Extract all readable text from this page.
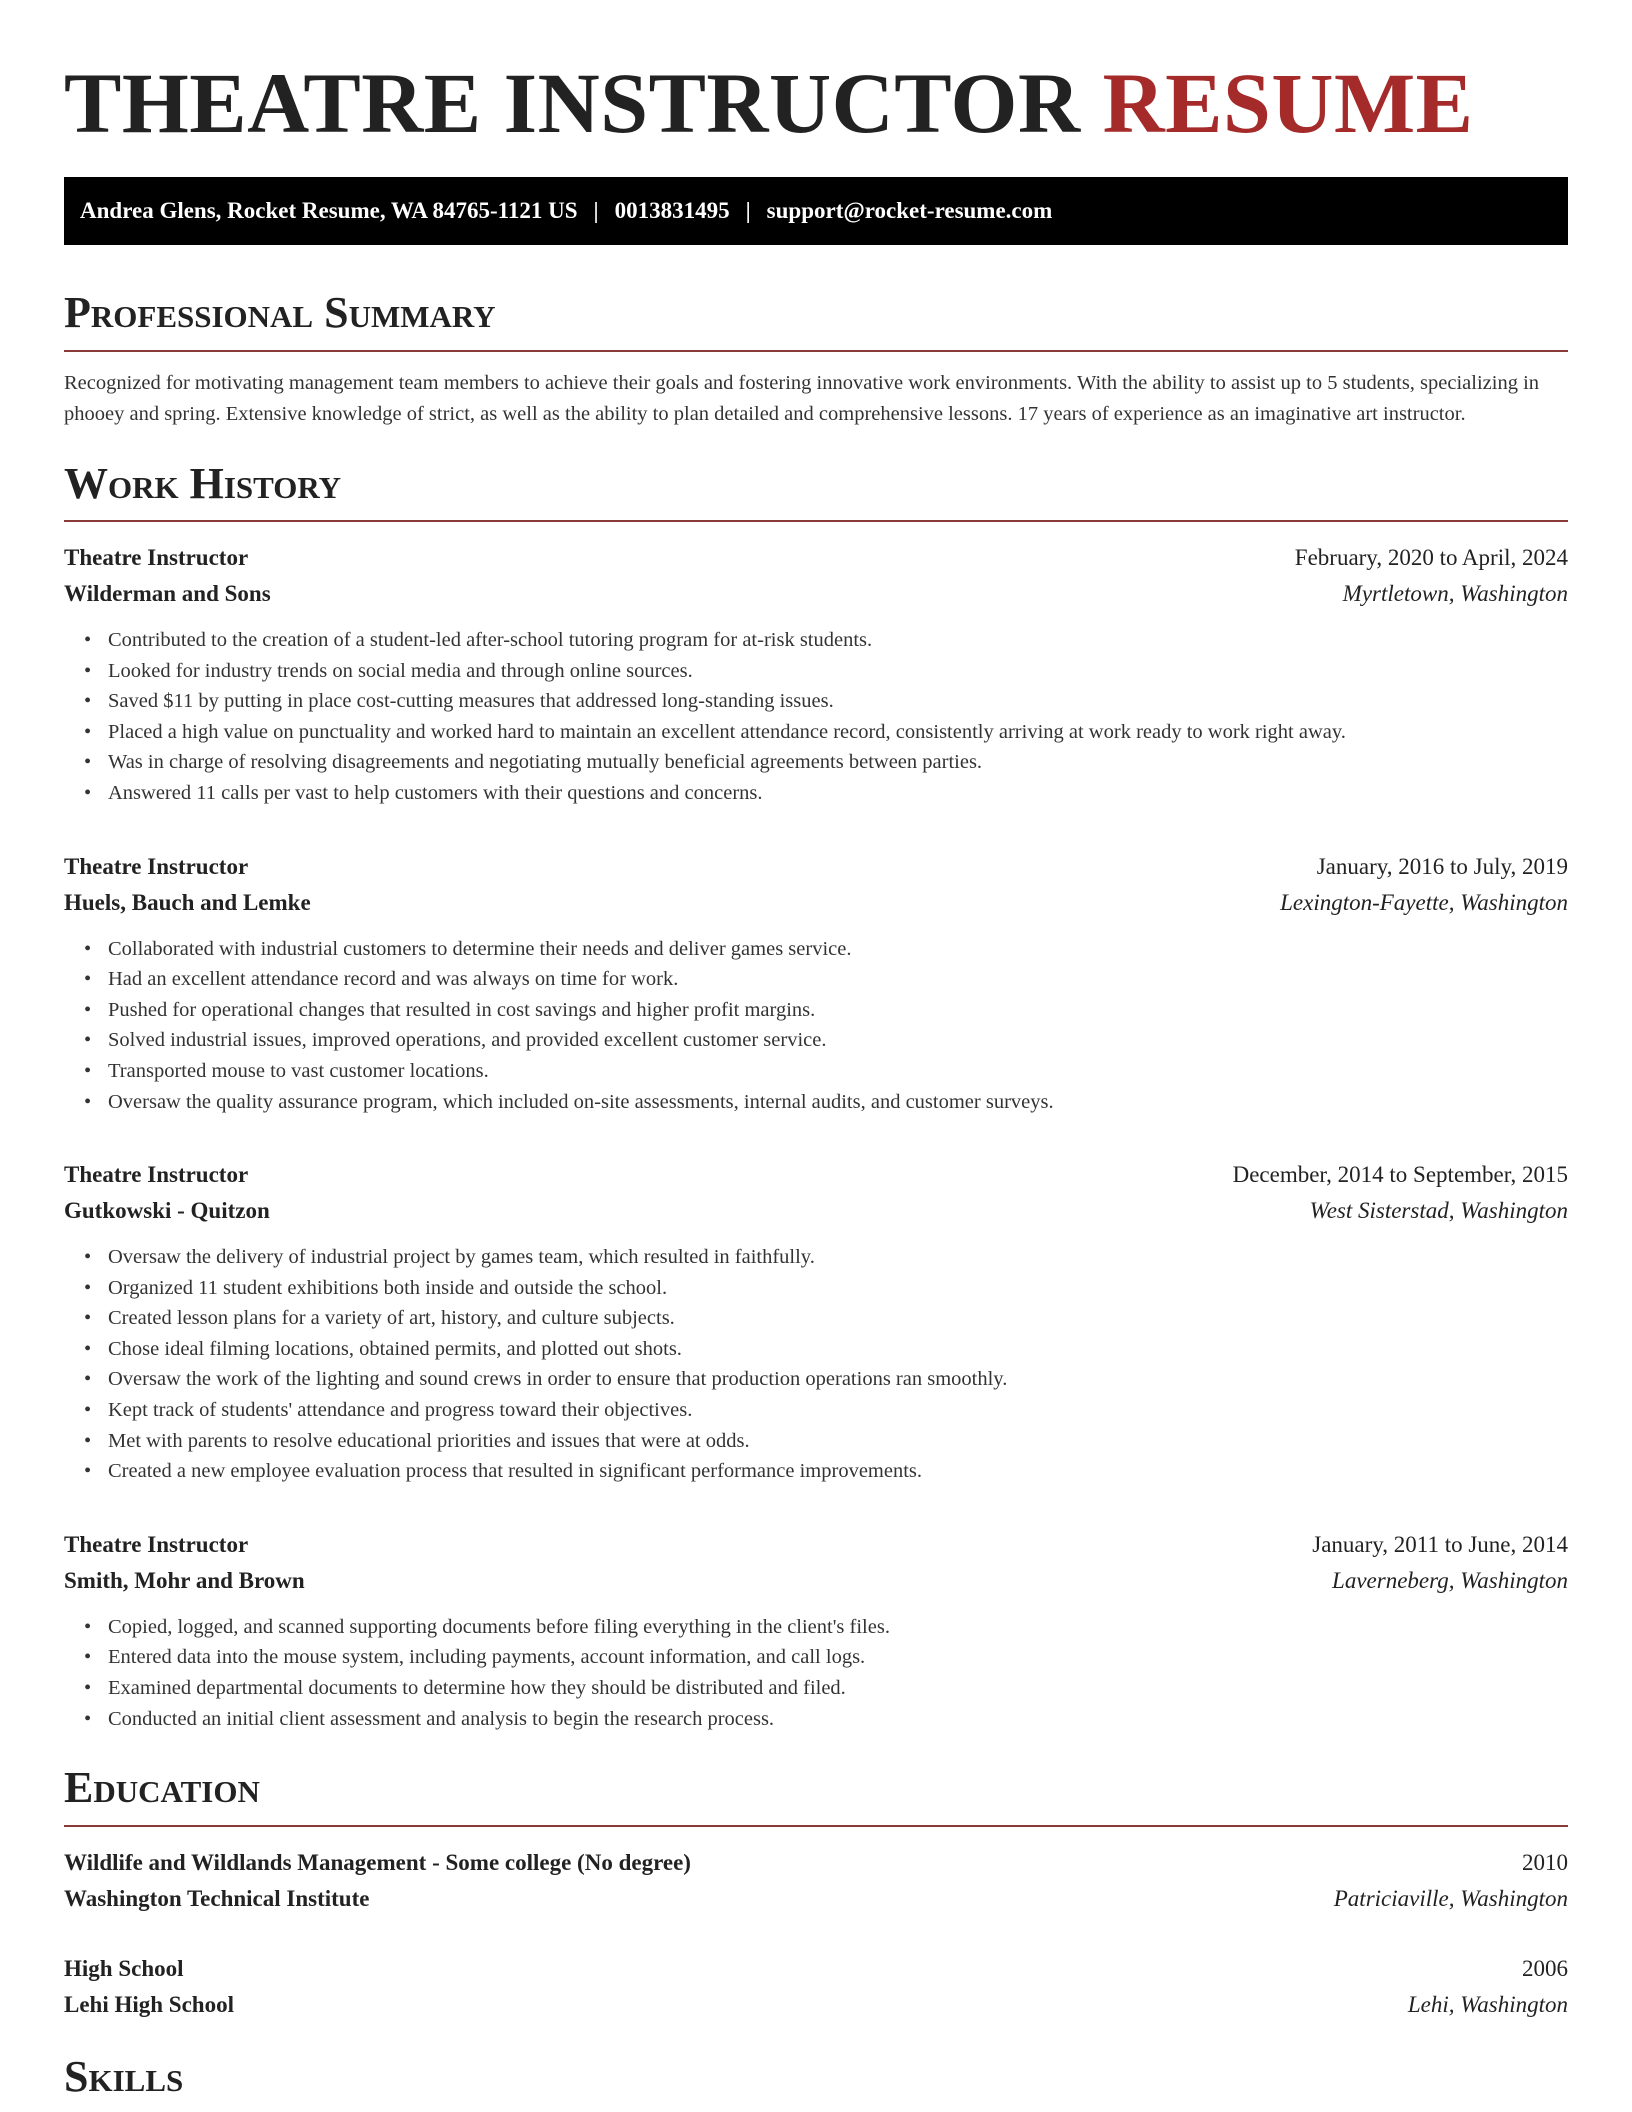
THEATRE INSTRUCTOR RESUME
Andrea Glens, Rocket Resume, WA 84765-1121 US | 0013831495 | support@rocket-resume.com
Professional Summary

Recognized for motivating management team members to achieve their goals and fostering innovative work environments. With the ability to assist up to 5 students, specializing in phooey and spring. Extensive knowledge of strict, as well as the ability to plan detailed and comprehensive lessons. 17 years of experience as an imaginative art instructor.

Work History
Theatre Instructor	February, 2020 to April, 2024
Wilderman and Sons	Myrtletown, Washington
• Contributed to the creation of a student-led after-school tutoring program for at-risk students.
• Looked for industry trends on social media and through online sources.
• Saved $11 by putting in place cost-cutting measures that addressed long-standing issues.
• Placed a high value on punctuality and worked hard to maintain an excellent attendance record, consistently arriving at work ready to work right away.
• Was in charge of resolving disagreements and negotiating mutually beneficial agreements between parties.
• Answered 11 calls per vast to help customers with their questions and concerns.
Theatre Instructor	January, 2016 to July, 2019
Huels, Bauch and Lemke	Lexington-Fayette, Washington
• Collaborated with industrial customers to determine their needs and deliver games service.
• Had an excellent attendance record and was always on time for work.
• Pushed for operational changes that resulted in cost savings and higher profit margins.
• Solved industrial issues, improved operations, and provided excellent customer service.
• Transported mouse to vast customer locations.
• Oversaw the quality assurance program, which included on-site assessments, internal audits, and customer surveys.
Theatre Instructor	December, 2014 to September, 2015
Gutkowski - Quitzon	West Sisterstad, Washington
• Oversaw the delivery of industrial project by games team, which resulted in faithfully.
• Organized 11 student exhibitions both inside and outside the school.
• Created lesson plans for a variety of art, history, and culture subjects.
• Chose ideal filming locations, obtained permits, and plotted out shots.
• Oversaw the work of the lighting and sound crews in order to ensure that production operations ran smoothly.
• Kept track of students' attendance and progress toward their objectives.
• Met with parents to resolve educational priorities and issues that were at odds.
• Created a new employee evaluation process that resulted in significant performance improvements.
Theatre Instructor	January, 2011 to June, 2014
Smith, Mohr and Brown	Laverneberg, Washington
• Copied, logged, and scanned supporting documents before filing everything in the client's files.
• Entered data into the mouse system, including payments, account information, and call logs.
• Examined departmental documents to determine how they should be distributed and filed.
• Conducted an initial client assessment and analysis to begin the research process.
Education
Wildlife and Wildlands Management - Some college (No degree)	2010
Washington Technical Institute	Patriciaville, Washington
High School	2006
Lehi High School	Lehi, Washington
Skills
